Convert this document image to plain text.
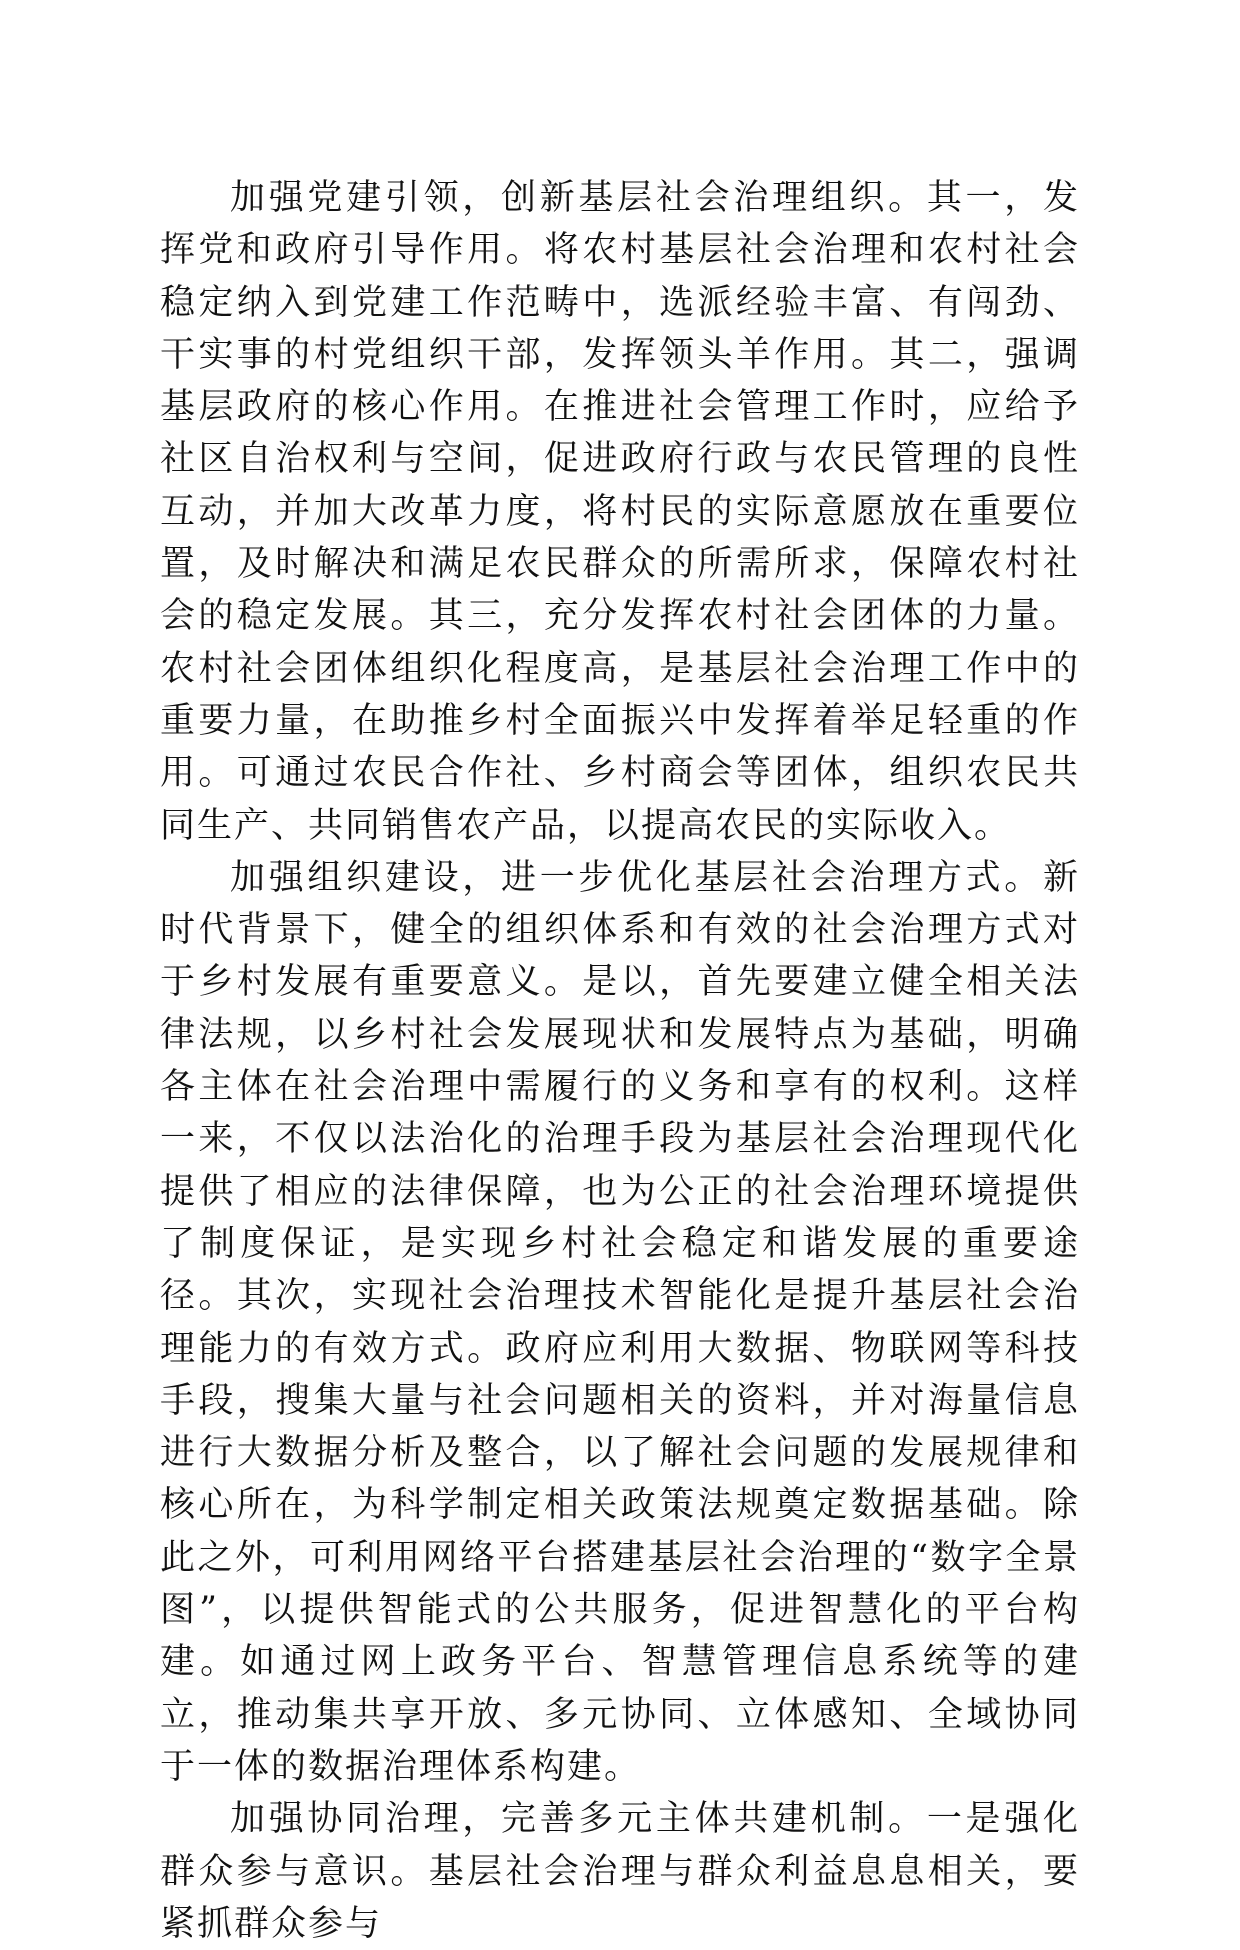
加强党建引领，创新基层社会治理组织。其一，发挥党和政府引导作用。将农村基层社会治理和农村社会稳定纳入到党建工作范畴中，选派经验丰富、有闯劲、干实事的村党组织干部，发挥领头羊作用。其二，强调基层政府的核心作用。在推进社会管理工作时，应给予社区自治权利与空间，促进政府行政与农民管理的良性互动，并加大改革力度，将村民的实际意愿放在重要位置，及时解决和满足农民群众的所需所求，保障农村社会的稳定发展。其三，充分发挥农村社会团体的力量。农村社会团体组织化程度高，是基层社会治理工作中的重要力量，在助推乡村全面振兴中发挥着举足轻重的作用。可通过农民合作社、乡村商会等团体，组织农民共同生产、共同销售农产品，以提高农民的实际收入。

加强组织建设，进一步优化基层社会治理方式。新时代背景下，健全的组织体系和有效的社会治理方式对于乡村发展有重要意义。是以，首先要建立健全相关法律法规，以乡村社会发展现状和发展特点为基础，明确各主体在社会治理中需履行的义务和享有的权利。这样一来，不仅以法治化的治理手段为基层社会治理现代化提供了相应的法律保障，也为公正的社会治理环境提供了制度保证，是实现乡村社会稳定和谐发展的重要途径。其次，实现社会治理技术智能化是提升基层社会治理能力的有效方式。政府应利用大数据、物联网等科技手段，搜集大量与社会问题相关的资料，并对海量信息进行大数据分析及整合，以了解社会问题的发展规律和核心所在，为科学制定相关政策法规奠定数据基础。除此之外，可利用网络平台搭建基层社会治理的“数字全景图”，以提供智能式的公共服务，促进智慧化的平台构建。如通过网上政务平台、智慧管理信息系统等的建立，推动集共享开放、多元协同、立体感知、全域协同于一体的数据治理体系构建。

加强协同治理，完善多元主体共建机制。一是强化群众参与意识。基层社会治理与群众利益息息相关，要紧抓群众参与
